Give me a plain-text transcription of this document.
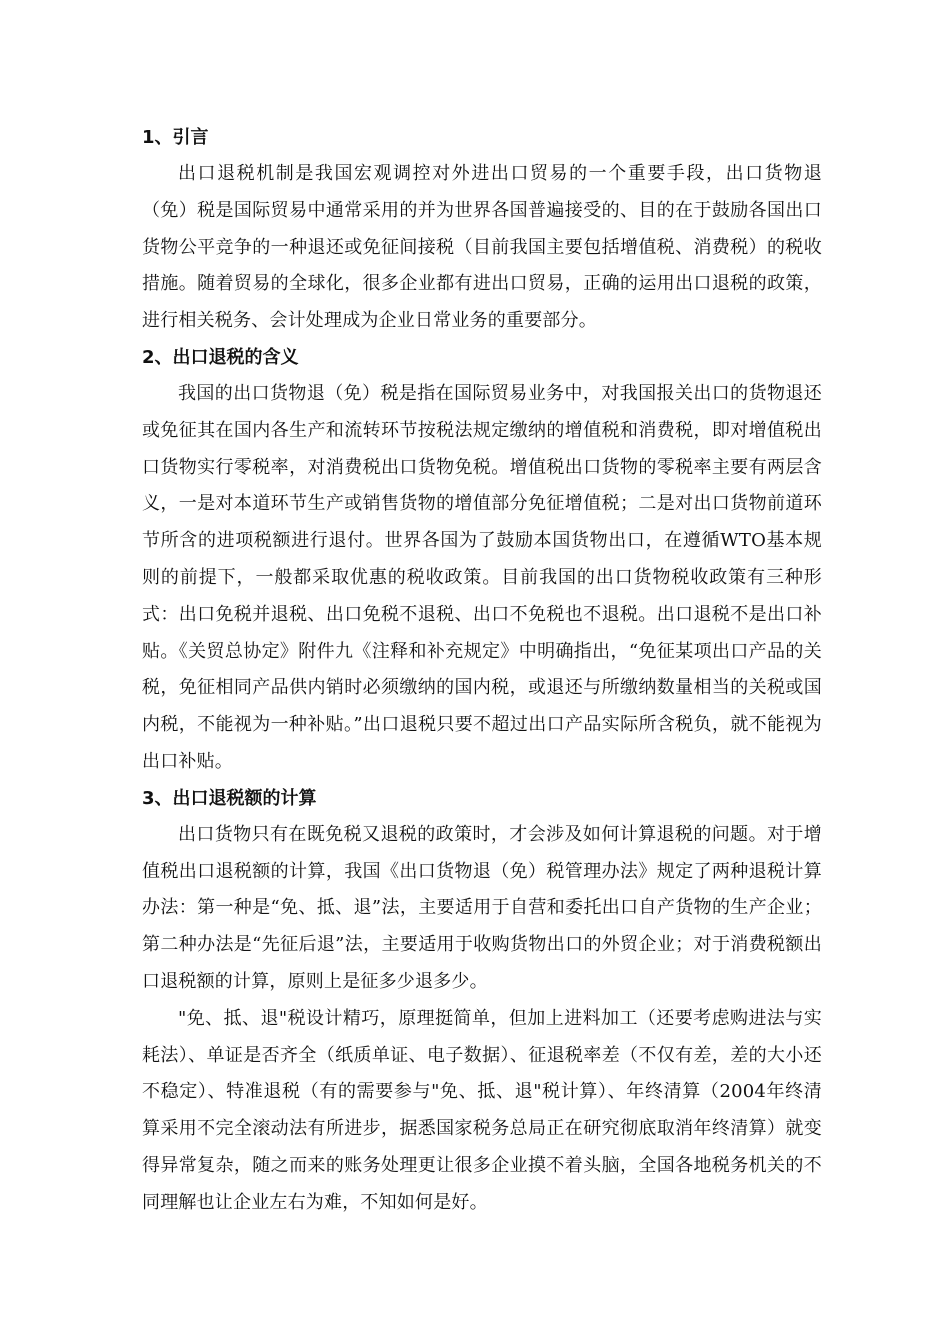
1、引言

出口退税机制是我国宏观调控对外进出口贸易的一个重要手段，出口货物退（免）税是国际贸易中通常采用的并为世界各国普遍接受的、目的在于鼓励各国出口货物公平竞争的一种退还或免征间接税（目前我国主要包括增值税、消费税）的税收措施。随着贸易的全球化，很多企业都有进出口贸易，正确的运用出口退税的政策，进行相关税务、会计处理成为企业日常业务的重要部分。

2、出口退税的含义

我国的出口货物退（免）税是指在国际贸易业务中，对我国报关出口的货物退还或免征其在国内各生产和流转环节按税法规定缴纳的增值税和消费税，即对增值税出口货物实行零税率，对消费税出口货物免税。增值税出口货物的零税率主要有两层含义，一是对本道环节生产或销售货物的增值部分免征增值税；二是对出口货物前道环节所含的进项税额进行退付。世界各国为了鼓励本国货物出口，在遵循WTO基本规则的前提下，一般都采取优惠的税收政策。目前我国的出口货物税收政策有三种形式：出口免税并退税、出口免税不退税、出口不免税也不退税。出口退税不是出口补贴。《关贸总协定》附件九《注释和补充规定》中明确指出，“免征某项出口产品的关税，免征相同产品供内销时必须缴纳的国内税，或退还与所缴纳数量相当的关税或国内税，不能视为一种补贴。”出口退税只要不超过出口产品实际所含税负，就不能视为出口补贴。

3、出口退税额的计算

出口货物只有在既免税又退税的政策时，才会涉及如何计算退税的问题。对于增值税出口退税额的计算，我国《出口货物退（免）税管理办法》规定了两种退税计算办法：第一种是“免、抵、退”法，主要适用于自营和委托出口自产货物的生产企业；第二种办法是“先征后退”法，主要适用于收购货物出口的外贸企业；对于消费税额出口退税额的计算，原则上是征多少退多少。

"免、抵、退"税设计精巧，原理挺简单，但加上进料加工（还要考虑购进法与实耗法）、单证是否齐全（纸质单证、电子数据）、征退税率差（不仅有差，差的大小还不稳定）、特准退税（有的需要参与"免、抵、退"税计算）、年终清算（2004年终清算采用不完全滚动法有所进步，据悉国家税务总局正在研究彻底取消年终清算）就变得异常复杂，随之而来的账务处理更让很多企业摸不着头脑，全国各地税务机关的不同理解也让企业左右为难，不知如何是好。
